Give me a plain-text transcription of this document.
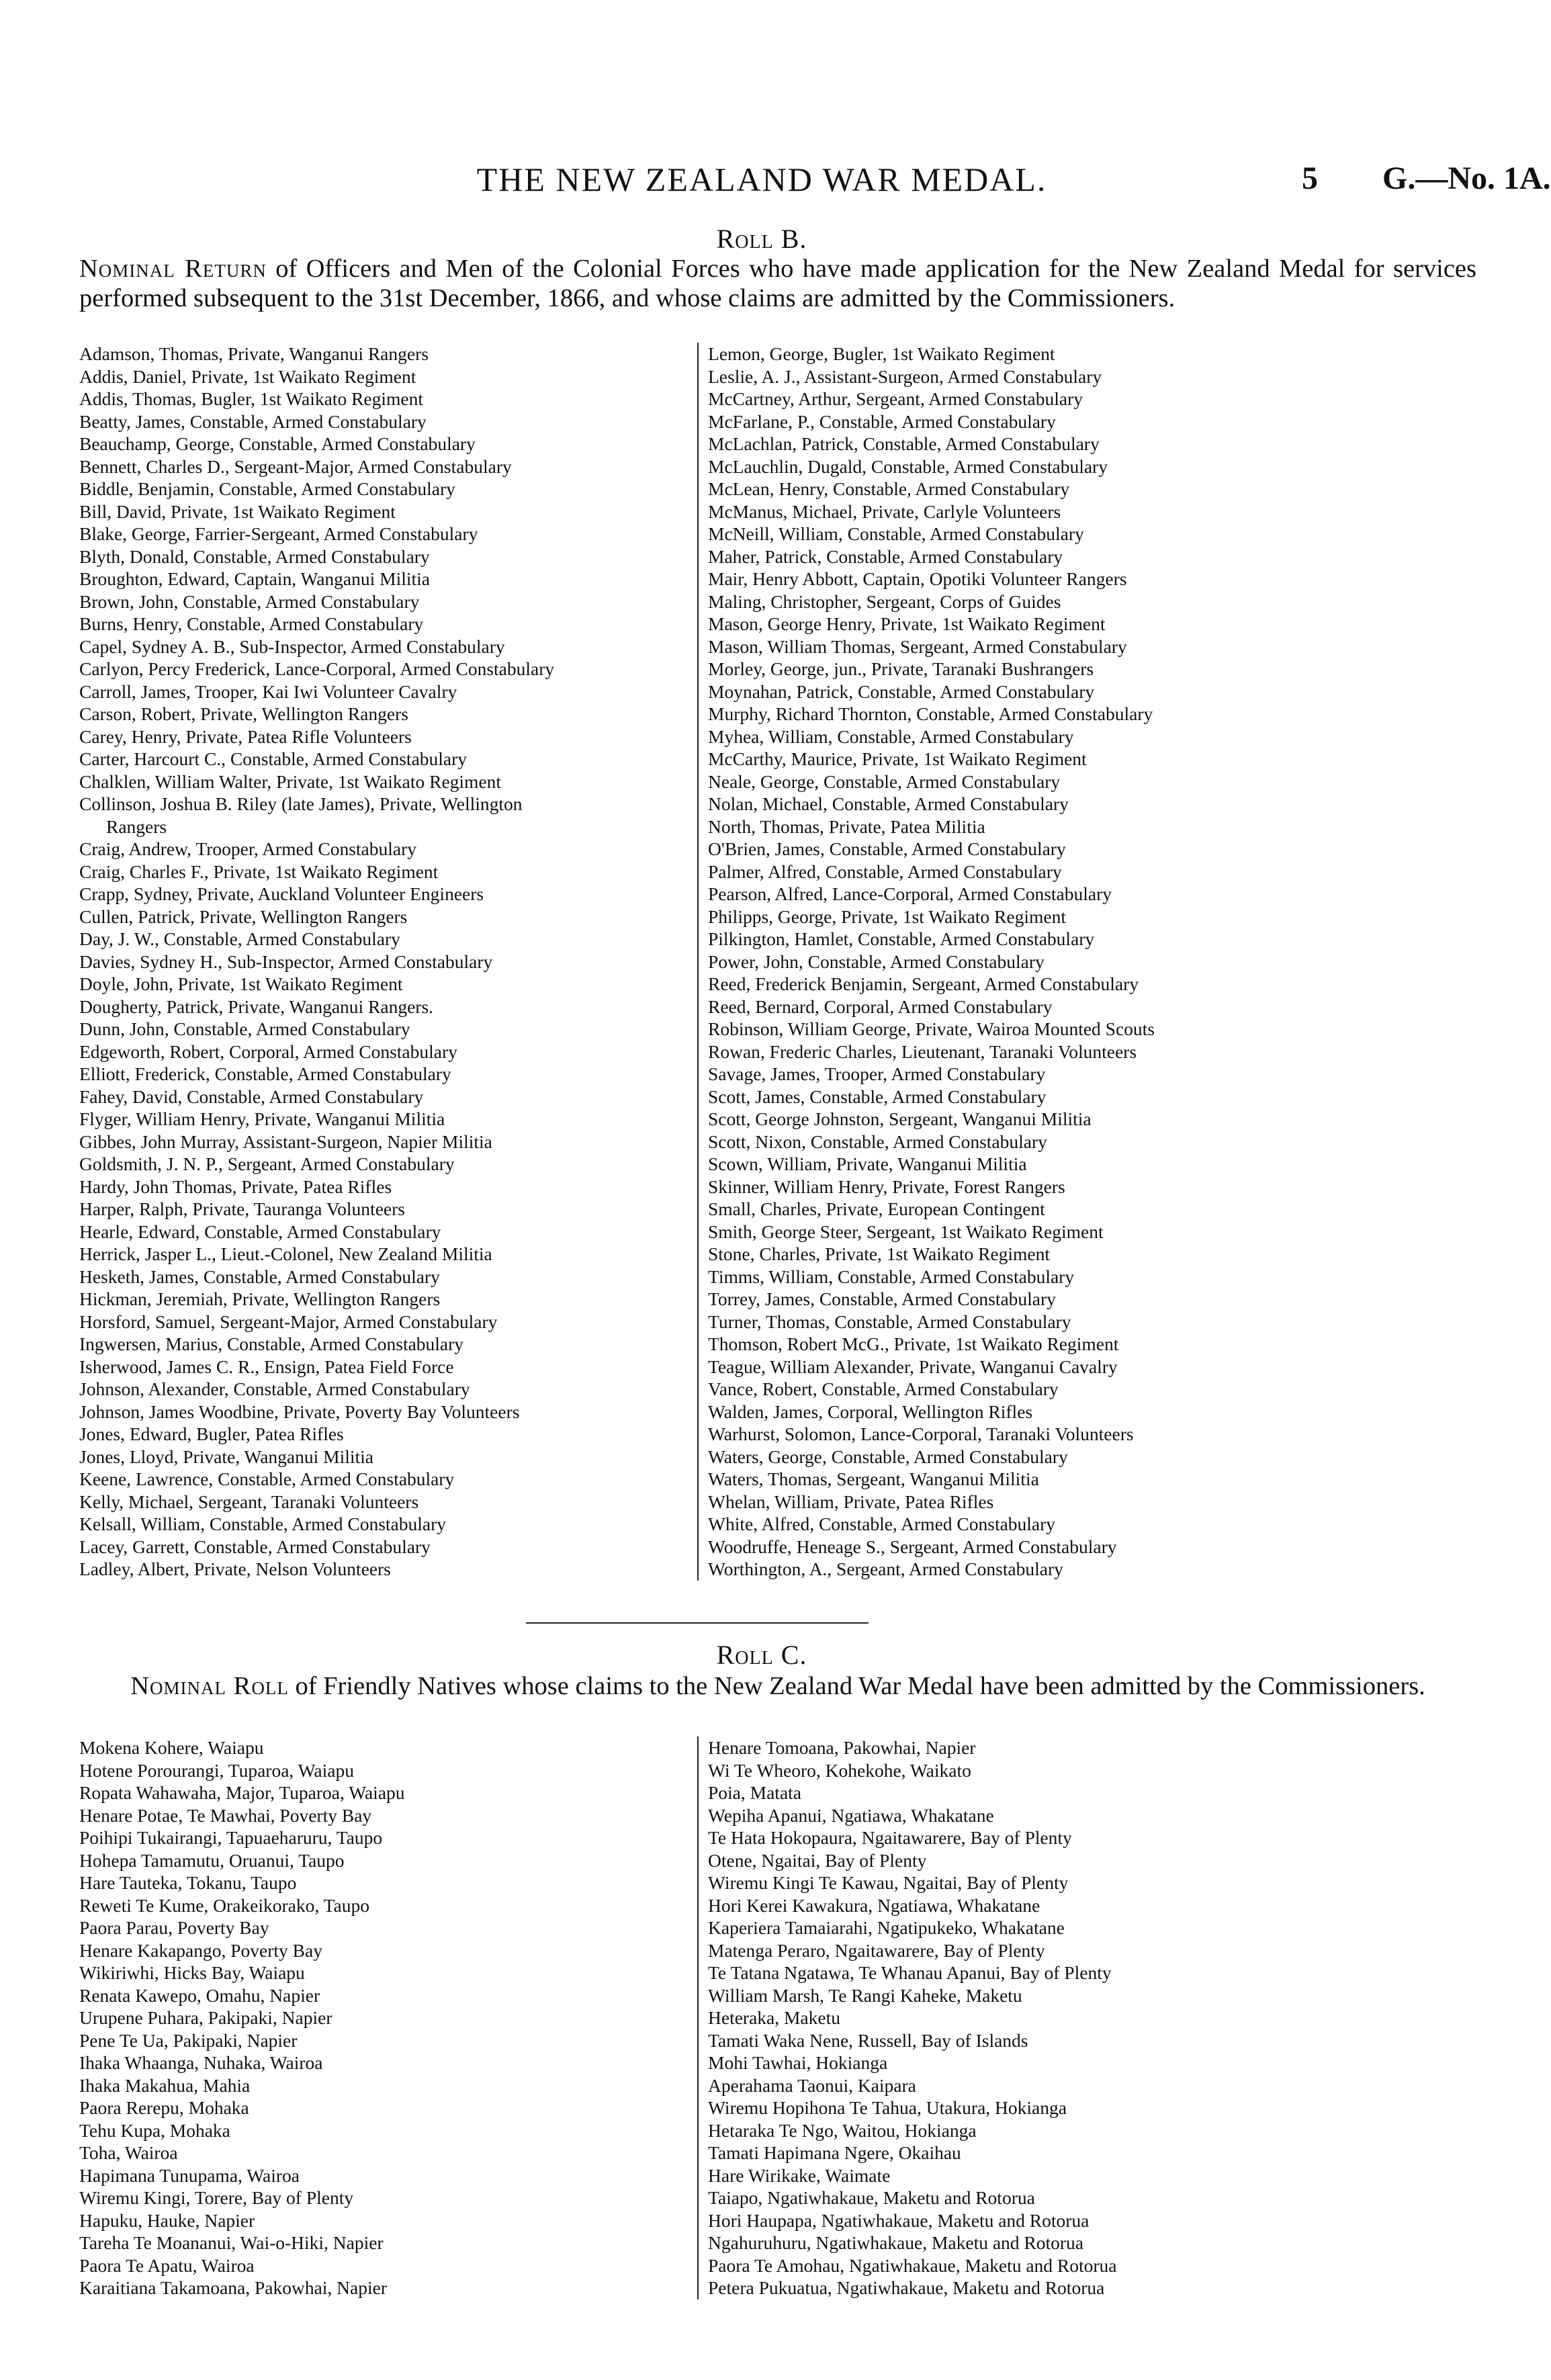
THE NEW ZEALAND WAR MEDAL.	5 G.—No. 1A.
Roll B.
Nominal Return of Officers and Men of the Colonial Forces who have made application for the New Zealand Medal for services performed subsequent to the 31st December, 1866, and whose claims are admitted by the Commissioners.
Adamson, Thomas, Private, Wanganui Rangers
Addis, Daniel, Private, 1st Waikato Regiment
Addis, Thomas, Bugler, 1st Waikato Regiment
Beatty, James, Constable, Armed Constabulary
Beauchamp, George, Constable, Armed Constabulary
Bennett, Charles D., Sergeant-Major, Armed Constabulary
Biddle, Benjamin, Constable, Armed Constabulary
Bill, David, Private, 1st Waikato Regiment
Blake, George, Farrier-Sergeant, Armed Constabulary
Blyth, Donald, Constable, Armed Constabulary
Broughton, Edward, Captain, Wanganui Militia
Brown, John, Constable, Armed Constabulary
Burns, Henry, Constable, Armed Constabulary
Capel, Sydney A. B., Sub-Inspector, Armed Constabulary
Carlyon, Percy Frederick, Lance-Corporal, Armed Constabulary
Carroll, James, Trooper, Kai Iwi Volunteer Cavalry
Carson, Robert, Private, Wellington Rangers
Carey, Henry, Private, Patea Rifle Volunteers
Carter, Harcourt C., Constable, Armed Constabulary
Chalklen, William Walter, Private, 1st Waikato Regiment
Collinson, Joshua B. Riley (late James), Private, Wellington
Rangers
Craig, Andrew, Trooper, Armed Constabulary
Craig, Charles F., Private, 1st Waikato Regiment
Crapp, Sydney, Private, Auckland Volunteer Engineers
Cullen, Patrick, Private, Wellington Rangers
Day, J. W., Constable, Armed Constabulary
Davies, Sydney H., Sub-Inspector, Armed Constabulary
Doyle, John, Private, 1st Waikato Regiment
Dougherty, Patrick, Private, Wanganui Rangers.
Dunn, John, Constable, Armed Constabulary
Edgeworth, Robert, Corporal, Armed Constabulary
Elliott, Frederick, Constable, Armed Constabulary
Fahey, David, Constable, Armed Constabulary
Flyger, William Henry, Private, Wanganui Militia
Gibbes, John Murray, Assistant-Surgeon, Napier Militia
Goldsmith, J. N. P., Sergeant, Armed Constabulary
Hardy, John Thomas, Private, Patea Rifles
Harper, Ralph, Private, Tauranga Volunteers
Hearle, Edward, Constable, Armed Constabulary
Herrick, Jasper L., Lieut.-Colonel, New Zealand Militia
Hesketh, James, Constable, Armed Constabulary
Hickman, Jeremiah, Private, Wellington Rangers
Horsford, Samuel, Sergeant-Major, Armed Constabulary
Ingwersen, Marius, Constable, Armed Constabulary
Isherwood, James C. R., Ensign, Patea Field Force
Johnson, Alexander, Constable, Armed Constabulary
Johnson, James Woodbine, Private, Poverty Bay Volunteers
Jones, Edward, Bugler, Patea Rifles
Jones, Lloyd, Private, Wanganui Militia
Keene, Lawrence, Constable, Armed Constabulary
Kelly, Michael, Sergeant, Taranaki Volunteers
Kelsall, William, Constable, Armed Constabulary
Lacey, Garrett, Constable, Armed Constabulary
Ladley, Albert, Private, Nelson Volunteers
Lemon, George, Bugler, 1st Waikato Regiment
Leslie, A. J., Assistant-Surgeon, Armed Constabulary
McCartney, Arthur, Sergeant, Armed Constabulary
McFarlane, P., Constable, Armed Constabulary
McLachlan, Patrick, Constable, Armed Constabulary
McLauchlin, Dugald, Constable, Armed Constabulary
McLean, Henry, Constable, Armed Constabulary
McManus, Michael, Private, Carlyle Volunteers
McNeill, William, Constable, Armed Constabulary
Maher, Patrick, Constable, Armed Constabulary
Mair, Henry Abbott, Captain, Opotiki Volunteer Rangers
Maling, Christopher, Sergeant, Corps of Guides
Mason, George Henry, Private, 1st Waikato Regiment
Mason, William Thomas, Sergeant, Armed Constabulary
Morley, George, jun., Private, Taranaki Bushrangers
Moynahan, Patrick, Constable, Armed Constabulary
Murphy, Richard Thornton, Constable, Armed Constabulary
Myhea, William, Constable, Armed Constabulary
McCarthy, Maurice, Private, 1st Waikato Regiment
Neale, George, Constable, Armed Constabulary
Nolan, Michael, Constable, Armed Constabulary
North, Thomas, Private, Patea Militia
O'Brien, James, Constable, Armed Constabulary
Palmer, Alfred, Constable, Armed Constabulary
Pearson, Alfred, Lance-Corporal, Armed Constabulary
Philipps, George, Private, 1st Waikato Regiment
Pilkington, Hamlet, Constable, Armed Constabulary
Power, John, Constable, Armed Constabulary
Reed, Frederick Benjamin, Sergeant, Armed Constabulary
Reed, Bernard, Corporal, Armed Constabulary
Robinson, William George, Private, Wairoa Mounted Scouts
Rowan, Frederic Charles, Lieutenant, Taranaki Volunteers
Savage, James, Trooper, Armed Constabulary
Scott, James, Constable, Armed Constabulary
Scott, George Johnston, Sergeant, Wanganui Militia
Scott, Nixon, Constable, Armed Constabulary
Scown, William, Private, Wanganui Militia
Skinner, William Henry, Private, Forest Rangers
Small, Charles, Private, European Contingent
Smith, George Steer, Sergeant, 1st Waikato Regiment
Stone, Charles, Private, 1st Waikato Regiment
Timms, William, Constable, Armed Constabulary
Torrey, James, Constable, Armed Constabulary
Turner, Thomas, Constable, Armed Constabulary
Thomson, Robert McG., Private, 1st Waikato Regiment
Teague, William Alexander, Private, Wanganui Cavalry
Vance, Robert, Constable, Armed Constabulary
Walden, James, Corporal, Wellington Rifles
Warhurst, Solomon, Lance-Corporal, Taranaki Volunteers
Waters, George, Constable, Armed Constabulary
Waters, Thomas, Sergeant, Wanganui Militia
Whelan, William, Private, Patea Rifles
White, Alfred, Constable, Armed Constabulary
Woodruffe, Heneage S., Sergeant, Armed Constabulary
Worthington, A., Sergeant, Armed Constabulary
Roll C.
Nominal Roll of Friendly Natives whose claims to the New Zealand War Medal have been admitted by the Commissioners.
Mokena Kohere, Waiapu
Hotene Porourangi, Tuparoa, Waiapu
Ropata Wahawaha, Major, Tuparoa, Waiapu
Henare Potae, Te Mawhai, Poverty Bay
Poihipi Tukairangi, Tapuaeharuru, Taupo
Hohepa Tamamutu, Oruanui, Taupo
Hare Tauteka, Tokanu, Taupo
Reweti Te Kume, Orakeikorako, Taupo
Paora Parau, Poverty Bay
Henare Kakapango, Poverty Bay
Wikiriwhi, Hicks Bay, Waiapu
Renata Kawepo, Omahu, Napier
Urupene Puhara, Pakipaki, Napier
Pene Te Ua, Pakipaki, Napier
Ihaka Whaanga, Nuhaka, Wairoa
Ihaka Makahua, Mahia
Paora Rerepu, Mohaka
Tehu Kupa, Mohaka
Toha, Wairoa
Hapimana Tunupama, Wairoa
Wiremu Kingi, Torere, Bay of Plenty
Hapuku, Hauke, Napier
Tareha Te Moananui, Wai-o-Hiki, Napier
Paora Te Apatu, Wairoa
Karaitiana Takamoana, Pakowhai, Napier
Henare Tomoana, Pakowhai, Napier
Wi Te Wheoro, Kohekohe, Waikato
Poia, Matata
Wepiha Apanui, Ngatiawa, Whakatane
Te Hata Hokopaura, Ngaitawarere, Bay of Plenty
Otene, Ngaitai, Bay of Plenty
Wiremu Kingi Te Kawau, Ngaitai, Bay of Plenty
Hori Kerei Kawakura, Ngatiawa, Whakatane
Kaperiera Tamaiarahi, Ngatipukeko, Whakatane
Matenga Peraro, Ngaitawarere, Bay of Plenty
Te Tatana Ngatawa, Te Whanau Apanui, Bay of Plenty
William Marsh, Te Rangi Kaheke, Maketu
Heteraka, Maketu
Tamati Waka Nene, Russell, Bay of Islands
Mohi Tawhai, Hokianga
Aperahama Taonui, Kaipara
Wiremu Hopihona Te Tahua, Utakura, Hokianga
Hetaraka Te Ngo, Waitou, Hokianga
Tamati Hapimana Ngere, Okaihau
Hare Wirikake, Waimate
Taiapo, Ngatiwhakaue, Maketu and Rotorua
Hori Haupapa, Ngatiwhakaue, Maketu and Rotorua
Ngahuruhuru, Ngatiwhakaue, Maketu and Rotorua
Paora Te Amohau, Ngatiwhakaue, Maketu and Rotorua
Petera Pukuatua, Ngatiwhakaue, Maketu and Rotorua
